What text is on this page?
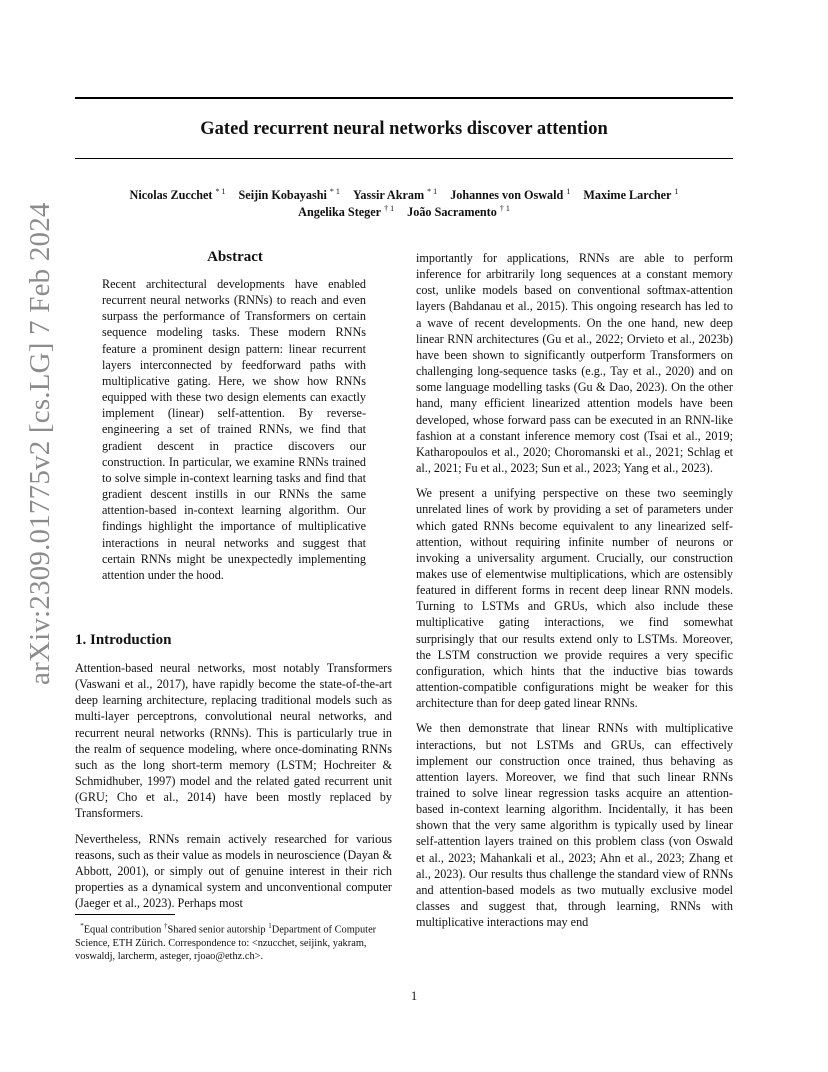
arXiv:2309.01775v2 [cs.LG] 7 Feb 2024
Gated recurrent neural networks discover attention
Nicolas Zucchet $^{* 1}$ Seijin Kobayashi $^{* 1}$ Yassir Akram $^{* 1}$ Johannes von Oswald $^1$ Maxime Larcher $^1$
Angelika Steger $^{\dagger 1}$ João Sacramento $^{\dagger 1}$
Abstract

Recent architectural developments have enabled recurrent neural networks (RNNs) to reach and even surpass the performance of Transformers on certain sequence modeling tasks. These modern RNNs feature a prominent design pattern: linear recurrent layers interconnected by feedforward paths with multiplicative gating. Here, we show how RNNs equipped with these two design elements can exactly implement (linear) self-attention. By reverse-engineering a set of trained RNNs, we find that gradient descent in practice discovers our construction. In particular, we examine RNNs trained to solve simple in-context learning tasks and find that gradient descent instills in our RNNs the same attention-based in-context learning algorithm. Our findings highlight the importance of multiplicative interactions in neural networks and suggest that certain RNNs might be unexpectedly implementing attention under the hood.

1. Introduction

Attention-based neural networks, most notably Transformers (Vaswani et al., 2017), have rapidly become the state-of-the-art deep learning architecture, replacing traditional models such as multi-layer perceptrons, convolutional neural networks, and recurrent neural networks (RNNs). This is particularly true in the realm of sequence modeling, where once-dominating RNNs such as the long short-term memory (LSTM; Hochreiter & Schmidhuber, 1997) model and the related gated recurrent unit (GRU; Cho et al., 2014) have been mostly replaced by Transformers.

Nevertheless, RNNs remain actively researched for various reasons, such as their value as models in neuroscience (Dayan & Abbott, 2001), or simply out of genuine interest in their rich properties as a dynamical system and unconventional computer (Jaeger et al., 2023). Perhaps most

importantly for applications, RNNs are able to perform inference for arbitrarily long sequences at a constant memory cost, unlike models based on conventional softmax-attention layers (Bahdanau et al., 2015). This ongoing research has led to a wave of recent developments. On the one hand, new deep linear RNN architectures (Gu et al., 2022; Orvieto et al., 2023b) have been shown to significantly outperform Transformers on challenging long-sequence tasks (e.g., Tay et al., 2020) and on some language modelling tasks (Gu & Dao, 2023). On the other hand, many efficient linearized attention models have been developed, whose forward pass can be executed in an RNN-like fashion at a constant inference memory cost (Tsai et al., 2019; Katharopoulos et al., 2020; Choromanski et al., 2021; Schlag et al., 2021; Fu et al., 2023; Sun et al., 2023; Yang et al., 2023).

We present a unifying perspective on these two seemingly unrelated lines of work by providing a set of parameters under which gated RNNs become equivalent to any linearized self-attention, without requiring infinite number of neurons or invoking a universality argument. Crucially, our construction makes use of elementwise multiplications, which are ostensibly featured in different forms in recent deep linear RNN models. Turning to LSTMs and GRUs, which also include these multiplicative gating interactions, we find somewhat surprisingly that our results extend only to LSTMs. Moreover, the LSTM construction we provide requires a very specific configuration, which hints that the inductive bias towards attention-compatible configurations might be weaker for this architecture than for deep gated linear RNNs.

We then demonstrate that linear RNNs with multiplicative interactions, but not LSTMs and GRUs, can effectively implement our construction once trained, thus behaving as attention layers. Moreover, we find that such linear RNNs trained to solve linear regression tasks acquire an attention-based in-context learning algorithm. Incidentally, it has been shown that the very same algorithm is typically used by linear self-attention layers trained on this problem class (von Oswald et al., 2023; Mahankali et al., 2023; Ahn et al., 2023; Zhang et al., 2023). Our results thus challenge the standard view of RNNs and attention-based models as two mutually exclusive model classes and suggest that, through learning, RNNs with multiplicative interactions may end

*Equal contribution †Shared senior autorship $^1$Department of Computer Science, ETH Zürich. Correspondence to: <nzucchet, seijink, yakram, voswaldj, larcherm, asteger, rjoao@ethz.ch>.

1
